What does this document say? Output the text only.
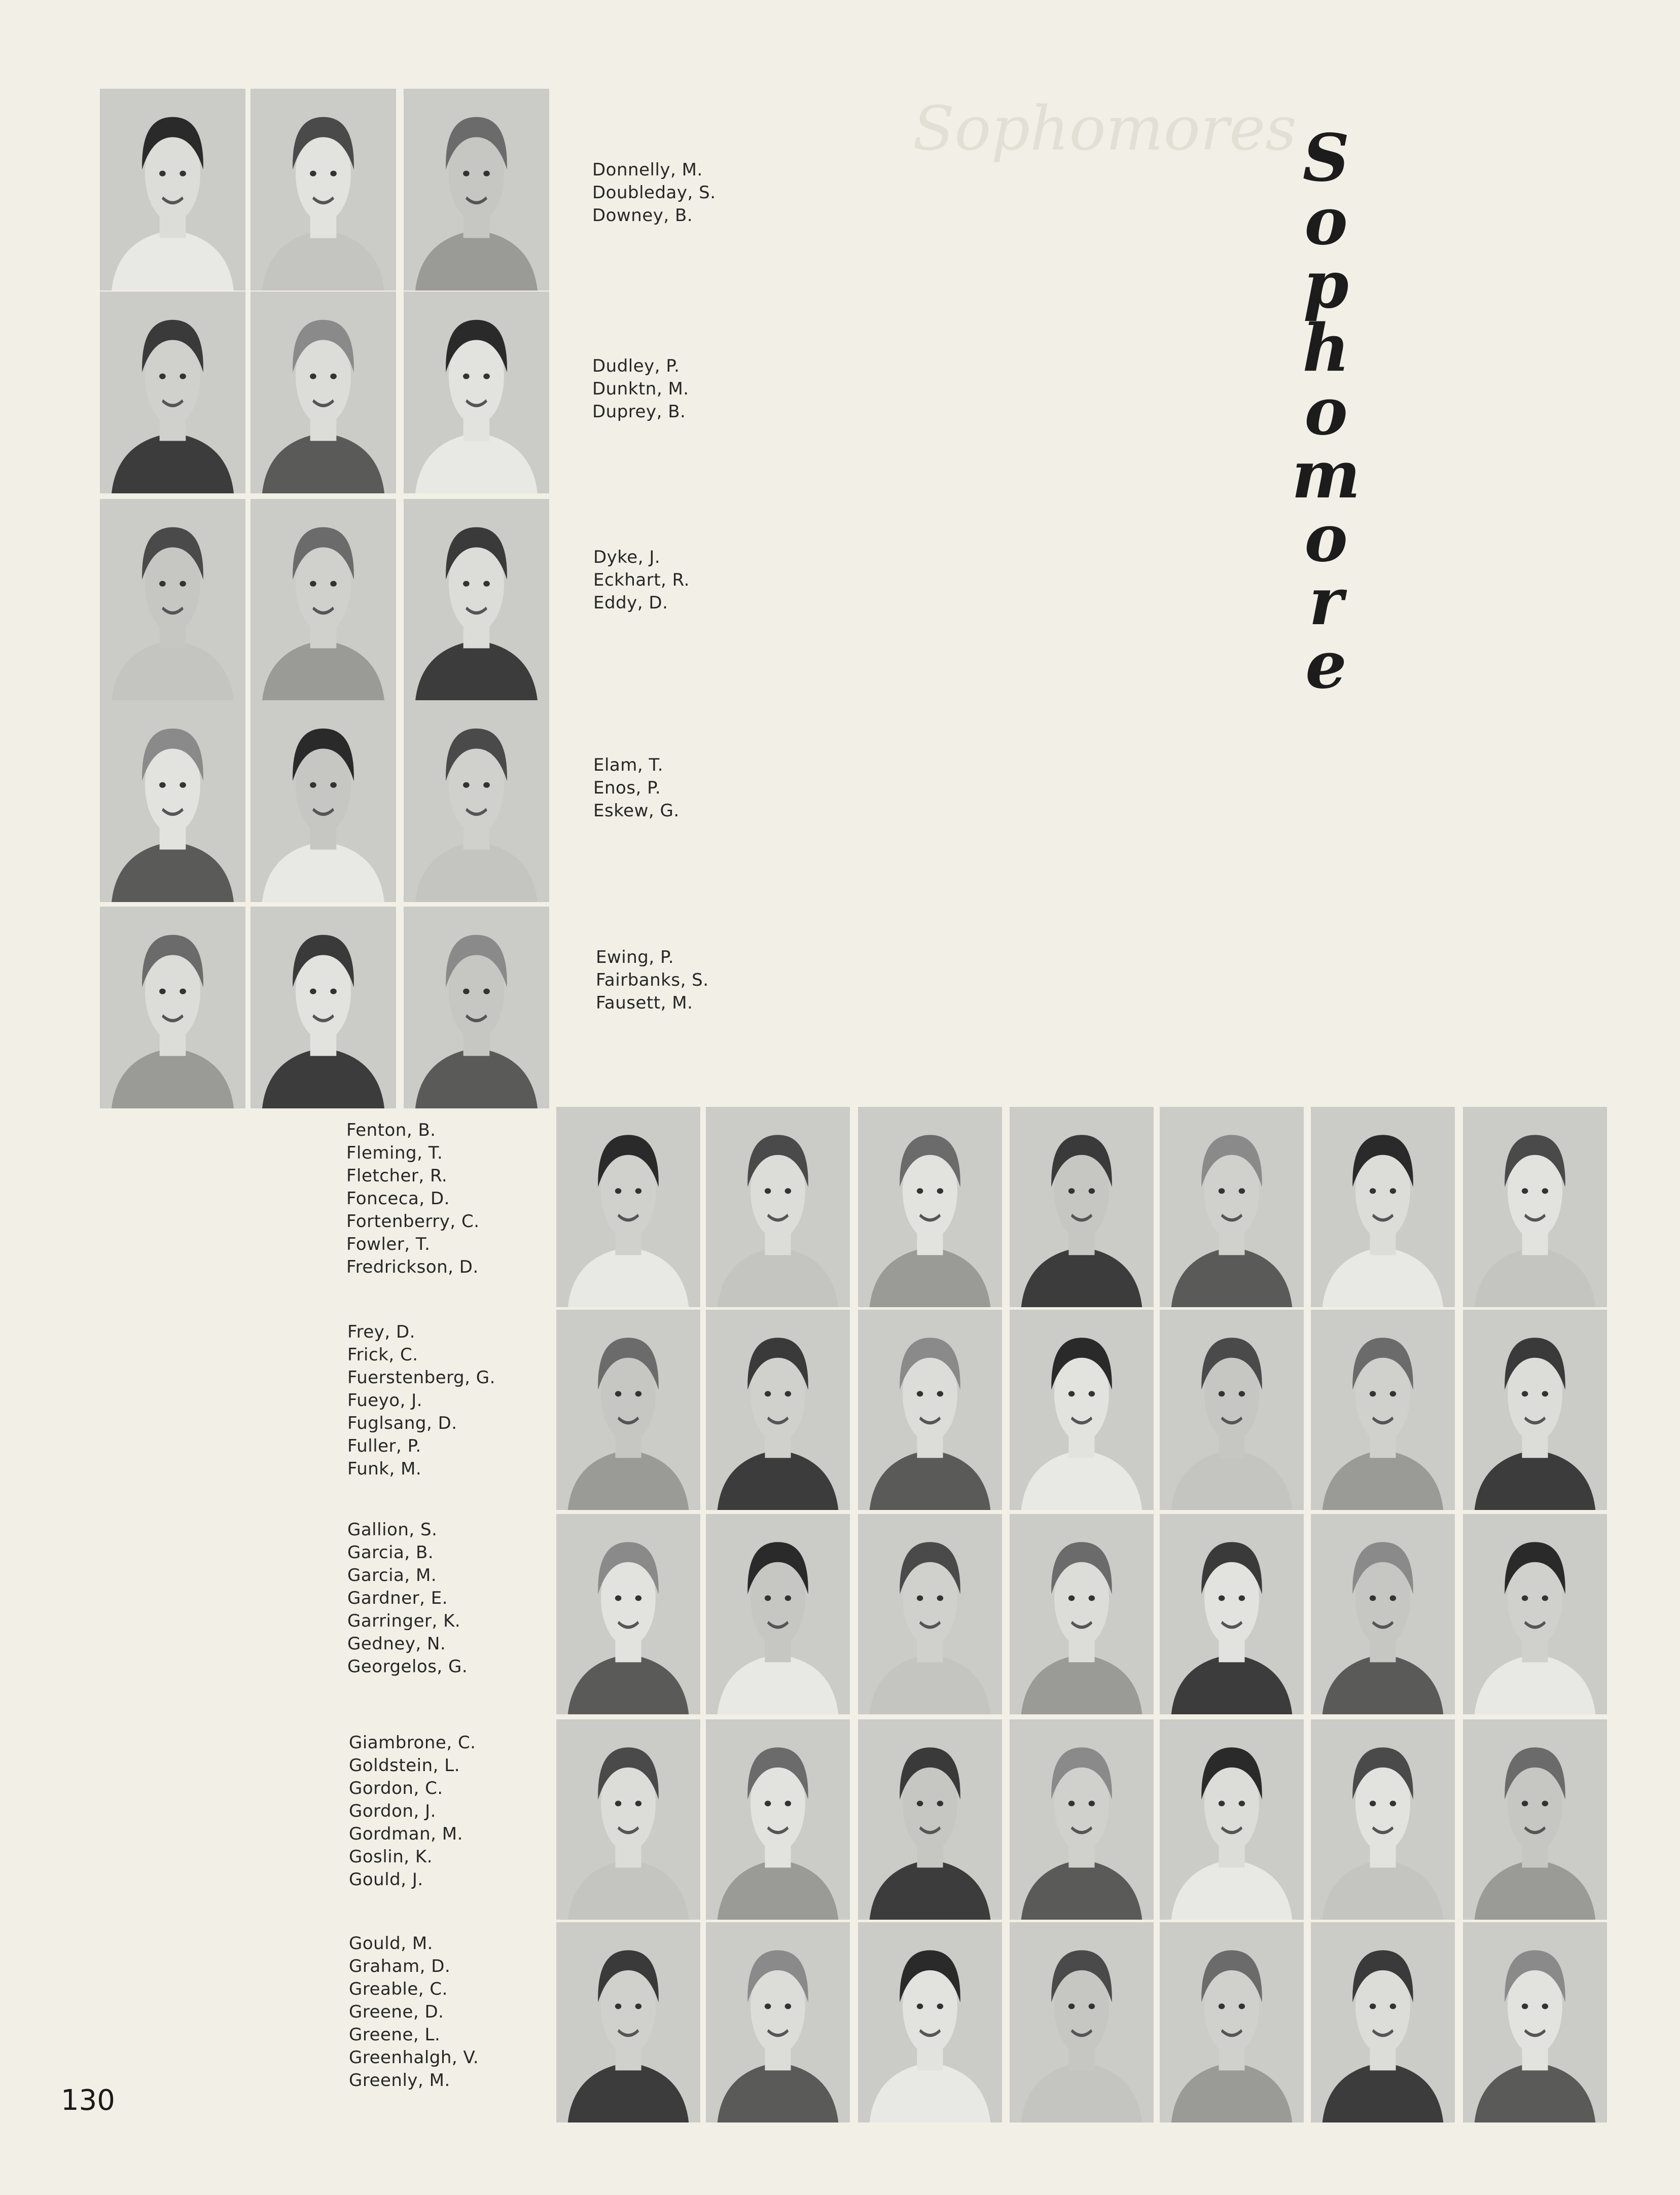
Sophomores S
o
p
h
o
m
o
r
e
Donnelly, M.
Doubleday, S.
Downey, B.
Dudley, P.
Dunktn, M.
Duprey, B.
Dyke, J.
Eckhart, R.
Eddy, D.
Elam, T.
Enos, P.
Eskew, G.
Ewing, P.
Fairbanks, S.
Fausett, M.
Fenton, B.
Fleming, T.
Fletcher, R.
Fonceca, D.
Fortenberry, C.
Fowler, T.
Fredrickson, D.
Frey, D.
Frick, C.
Fuerstenberg, G.
Fueyo, J.
Fuglsang, D.
Fuller, P.
Funk, M.
Gallion, S.
Garcia, B.
Garcia, M.
Gardner, E.
Garringer, K.
Gedney, N.
Georgelos, G.
Giambrone, C.
Goldstein, L.
Gordon, C.
Gordon, J.
Gordman, M.
Goslin, K.
Gould, J.
Gould, M.
Graham, D.
Greable, C.
Greene, D.
Greene, L.
Greenhalgh, V.
Greenly, M.
130
